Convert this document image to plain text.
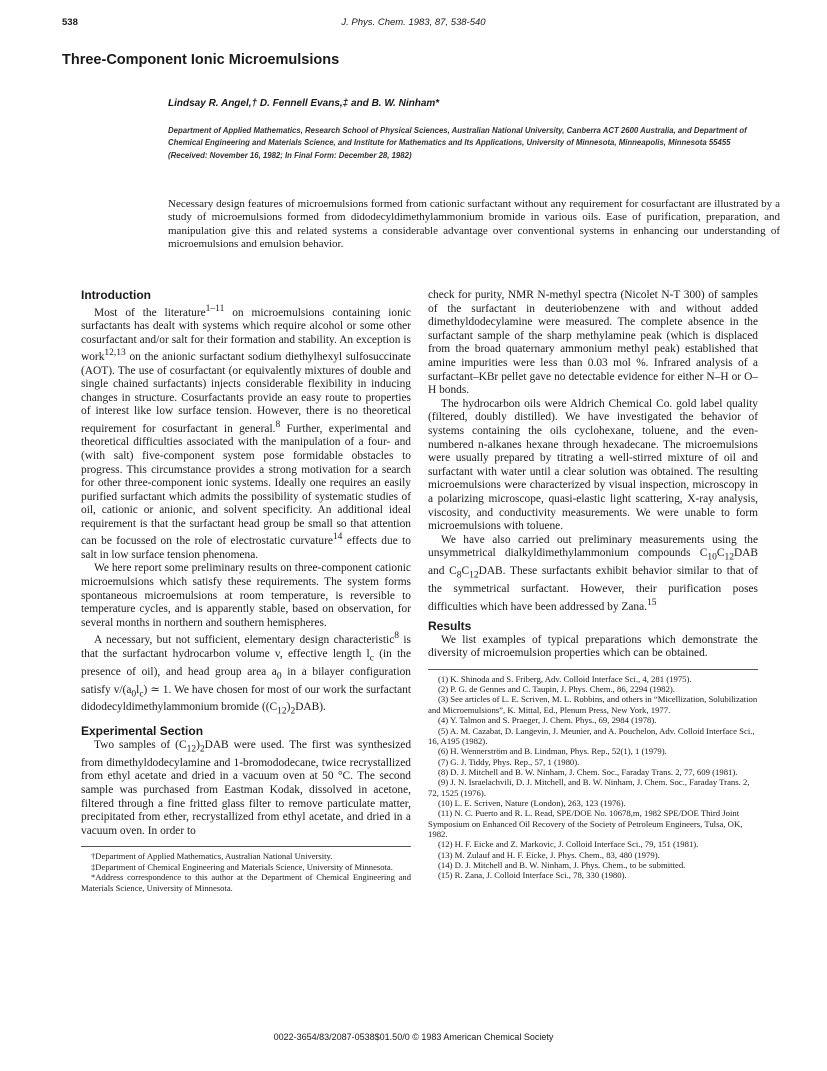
538	J. Phys. Chem. 1983, 87, 538-540
Three-Component Ionic Microemulsions
Lindsay R. Angel,† D. Fennell Evans,‡ and B. W. Ninham*
Department of Applied Mathematics, Research School of Physical Sciences, Australian National University, Canberra ACT 2600 Australia, and Department of Chemical Engineering and Materials Science, and Institute for Mathematics and Its Applications, University of Minnesota, Minneapolis, Minnesota 55455 (Received: November 16, 1982; In Final Form: December 28, 1982)
Necessary design features of microemulsions formed from cationic surfactant without any requirement for cosurfactant are illustrated by a study of microemulsions formed from didodecyldimethylammonium bromide in various oils. Ease of purification, preparation, and manipulation give this and related systems a considerable advantage over conventional systems in enhancing our understanding of microemulsions and emulsion behavior.
Introduction

Most of the literature$^{1-11}$ on microemulsions containing ionic surfactants has dealt with systems which require alcohol or some other cosurfactant and/or salt for their formation and stability. An exception is work$^{12,13}$ on the anionic surfactant sodium diethylhexyl sulfosuccinate (AOT). The use of cosurfactant (or equivalently mixtures of double and single chained surfactants) injects considerable flexibility in inducing changes in structure. Cosurfactants provide an easy route to properties of interest like low surface tension. However, there is no theoretical requirement for cosurfactant in general.$^8$ Further, experimental and theoretical difficulties associated with the manipulation of a four- and (with salt) five-component system pose formidable obstacles to progress. This circumstance provides a strong motivation for a search for other three-component ionic systems. Ideally one requires an easily purified surfactant which admits the possibility of systematic studies of oil, cationic or anionic, and solvent specificity. An additional ideal requirement is that the surfactant head group be small so that attention can be focussed on the role of electrostatic curvature$^{14}$ effects due to salt in low surface tension phenomena.

We here report some preliminary results on three-component cationic microemulsions which satisfy these requirements. The system forms spontaneous microemulsions at room temperature, is reversible to temperature cycles, and is apparently stable, based on observation, for several months in northern and southern hemispheres.

A necessary, but not sufficient, elementary design characteristic$^8$ is that the surfactant hydrocarbon volume v, effective length $l_c$ (in the presence of oil), and head group area $a_0$ in a bilayer configuration satisfy $v/(a_0l_c)$ ≃ 1. We have chosen for most of our work the surfactant didodecyldimethylammonium bromide $((C_{12})_2DAB)$.

Experimental Section

Two samples of $(C_{12})_2DAB$ were used. The first was synthesized from dimethyldodecylamine and 1-bromododecane, twice recrystallized from ethyl acetate and dried in a vacuum oven at 50 °C. The second sample was purchased from Eastman Kodak, dissolved in acetone, filtered through a fine fritted glass filter to remove particulate matter, precipitated from ether, recrystallized from ethyl acetate, and dried in a vacuum oven. In order to

†Department of Applied Mathematics, Australian National University.
‡Department of Chemical Engineering and Materials Science, University of Minnesota.
*Address correspondence to this author at the Department of Chemical Engineering and Materials Science, University of Minnesota.

check for purity, NMR N-methyl spectra (Nicolet N-T 300) of samples of the surfactant in deuteriobenzene with and without added dimethyldodecylamine were measured. The complete absence in the surfactant sample of the sharp methylamine peak (which is displaced from the broad quaternary ammonium methyl peak) established that amine impurities were less than 0.03 mol %. Infrared analysis of a surfactant–KBr pellet gave no detectable evidence for either N–H or O–H bonds.

The hydrocarbon oils were Aldrich Chemical Co. gold label quality (filtered, doubly distilled). We have investigated the behavior of systems containing the oils cyclohexane, toluene, and the even-numbered n-alkanes hexane through hexadecane. The microemulsions were usually prepared by titrating a well-stirred mixture of oil and surfactant with water until a clear solution was obtained. The resulting microemulsions were characterized by visual inspection, microscopy in a polarizing microscope, quasi-elastic light scattering, X-ray analysis, viscosity, and conductivity measurements. We were unable to form microemulsions with toluene.

We have also carried out preliminary measurements using the unsymmetrical dialkyldimethylammonium compounds $C_{10}C_{12}DAB$ and $C_8C_{12}DAB$. These surfactants exhibit behavior similar to that of the symmetrical surfactant. However, their purification poses difficulties which have been addressed by Zana.$^{15}$

Results

We list examples of typical preparations which demonstrate the diversity of microemulsion properties which can be obtained.

(1) K. Shinoda and S. Friberg, Adv. Colloid Interface Sci., 4, 281 (1975).
(2) P. G. de Gennes and C. Taupin, J. Phys. Chem., 86, 2294 (1982).
(3) See articles of L. E. Scriven, M. L. Robbins, and others in “Micellization, Solubilization and Microemulsions”, K. Mittal, Ed., Plenum Press, New York, 1977.
(4) Y. Talmon and S. Praeger, J. Chem. Phys., 69, 2984 (1978).
(5) A. M. Cazabat, D. Langevin, J. Meunier, and A. Pouchelon, Adv. Colloid Interface Sci., 16, A195 (1982).
(6) H. Wennerström and B. Lindman, Phys. Rep., 52(1), 1 (1979).
(7) G. J. Tiddy, Phys. Rep., 57, 1 (1980).
(8) D. J. Mitchell and B. W. Ninham, J. Chem. Soc., Faraday Trans. 2, 77, 609 (1981).
(9) J. N. Israelachvili, D. J. Mitchell, and B. W. Ninham, J. Chem. Soc., Faraday Trans. 2, 72, 1525 (1976).
(10) L. E. Scriven, Nature (London), 263, 123 (1976).
(11) N. C. Puerto and R. L. Read, SPE/DOE No. 10678,m, 1982 SPE/DOE Third Joint Symposium on Enhanced Oil Recovery of the Society of Petroleum Engineers, Tulsa, OK, 1982.
(12) H. F. Eicke and Z. Markovic, J. Colloid Interface Sci., 79, 151 (1981).
(13) M. Zulauf and H. F. Eicke, J. Phys. Chem., 83, 480 (1979).
(14) D. J. Mitchell and B. W. Ninham, J. Phys. Chem., to be submitted.
(15) R. Zana, J. Colloid Interface Sci., 78, 330 (1980).
0022-3654/83/2087-0538$01.50/0 © 1983 American Chemical Society
